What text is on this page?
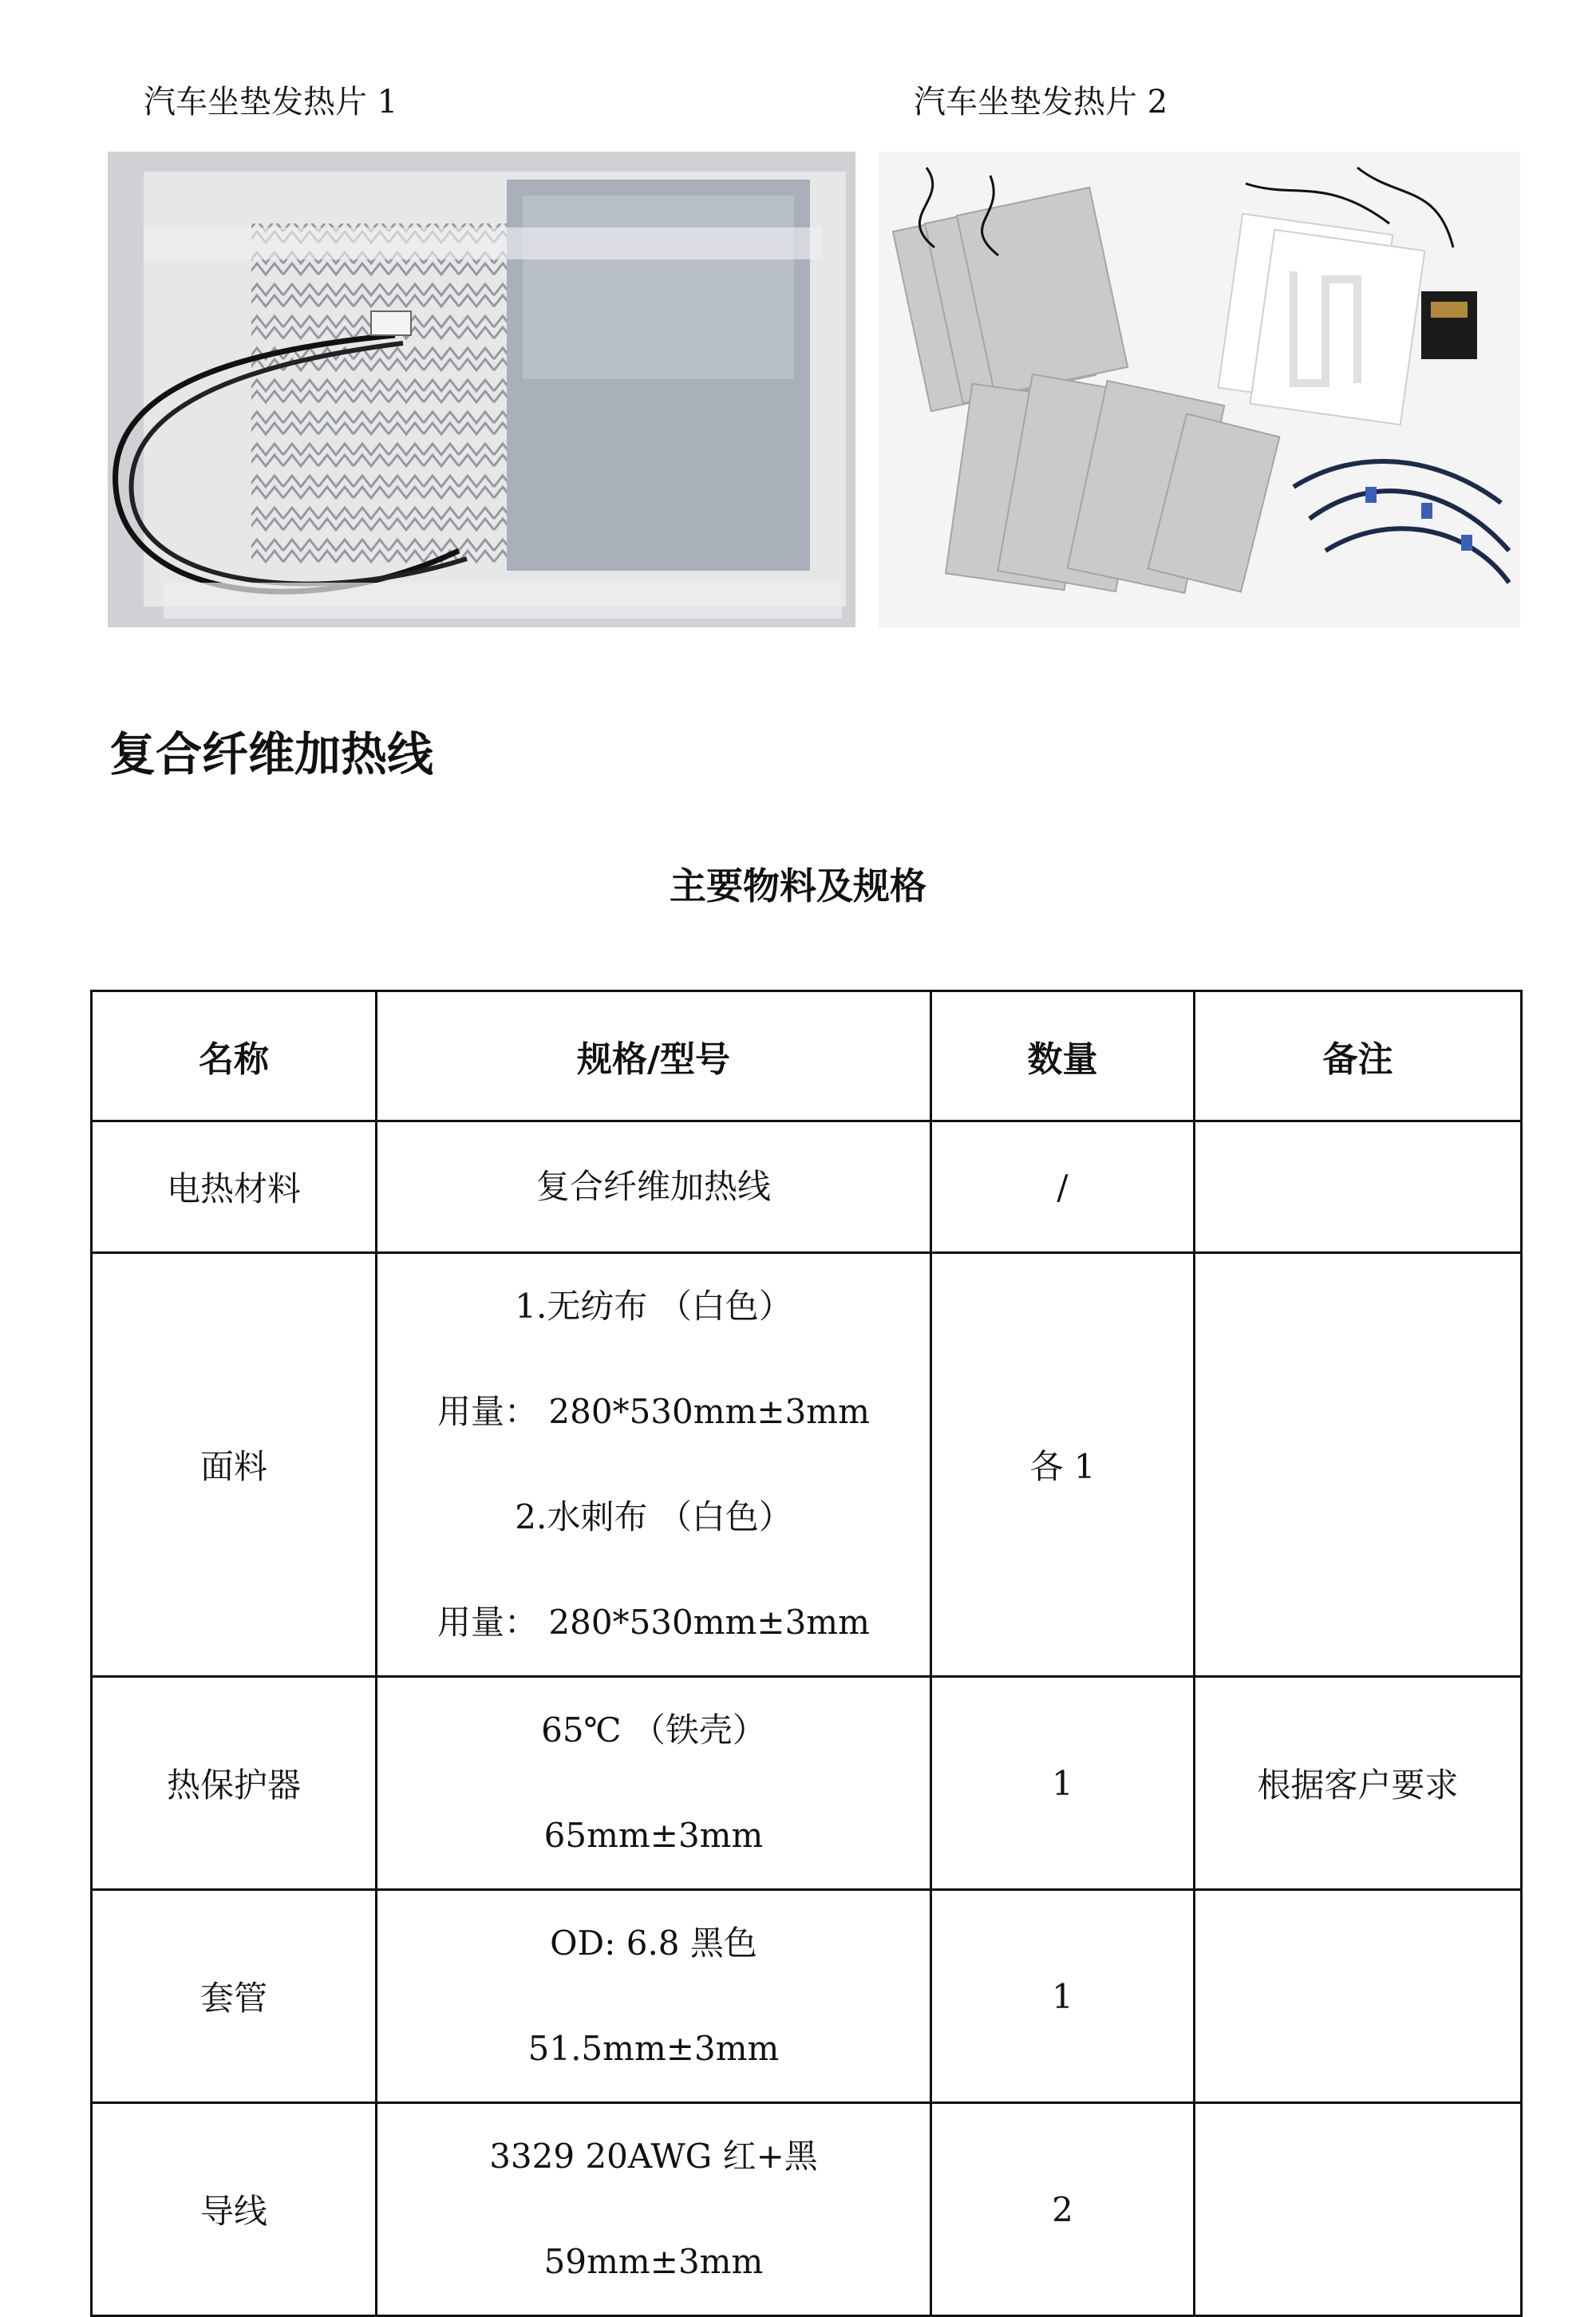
汽车坐垫发热片 1	汽车坐垫发热片 2
复合纤维加热线
主要物料及规格
名称	规格/型号	数量	备注
电热材料	复合纤维加热线	/	
面料	1.无纺布 （白色）
用量： 280*530mm±3mm
2.水刺布 （白色）
用量： 280*530mm±3mm	各 1	
热保护器	65℃ （铁壳）
65mm±3mm	1	根据客户要求
套管	OD: 6.8 黑色
51.5mm±3mm	1	
导线	3329 20AWG 红+黑
59mm±3mm	2	
